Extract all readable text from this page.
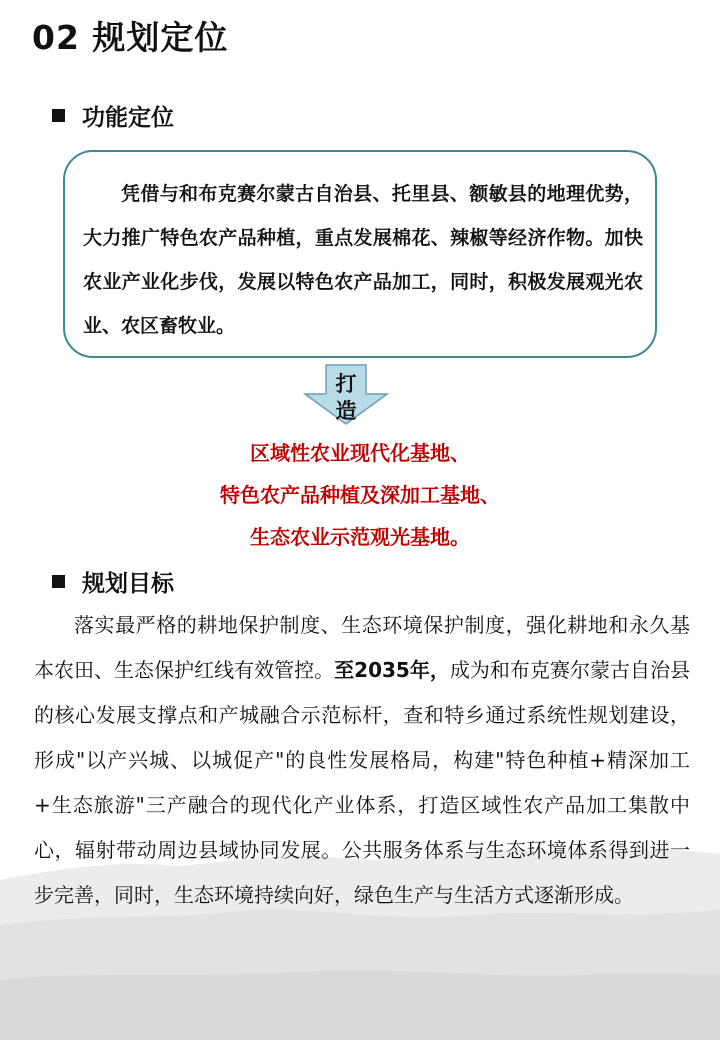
02 规划定位
功能定位

凭借与和布克赛尔蒙古自治县、托里县、额敏县的地理优势，大力推广特色农产品种植，重点发展棉花、辣椒等经济作物。加快农业产业化步伐，发展以特色农产品加工，同时，积极发展观光农业、农区畜牧业。

打
造
区域性农业现代化基地、
特色农产品种植及深加工基地、
生态农业示范观光基地。
规划目标

落实最严格的耕地保护制度、生态环境保护制度，强化耕地和永久基本农田、生态保护红线有效管控。至2035年，成为和布克赛尔蒙古自治县的核心发展支撑点和产城融合示范标杆，查和特乡通过系统性规划建设，形成"以产兴城、以城促产"的良性发展格局，构建"特色种植+精深加工+生态旅游"三产融合的现代化产业体系，打造区域性农产品加工集散中心，辐射带动周边县域协同发展。公共服务体系与生态环境体系得到进一步完善，同时，生态环境持续向好，绿色生产与生活方式逐渐形成。
